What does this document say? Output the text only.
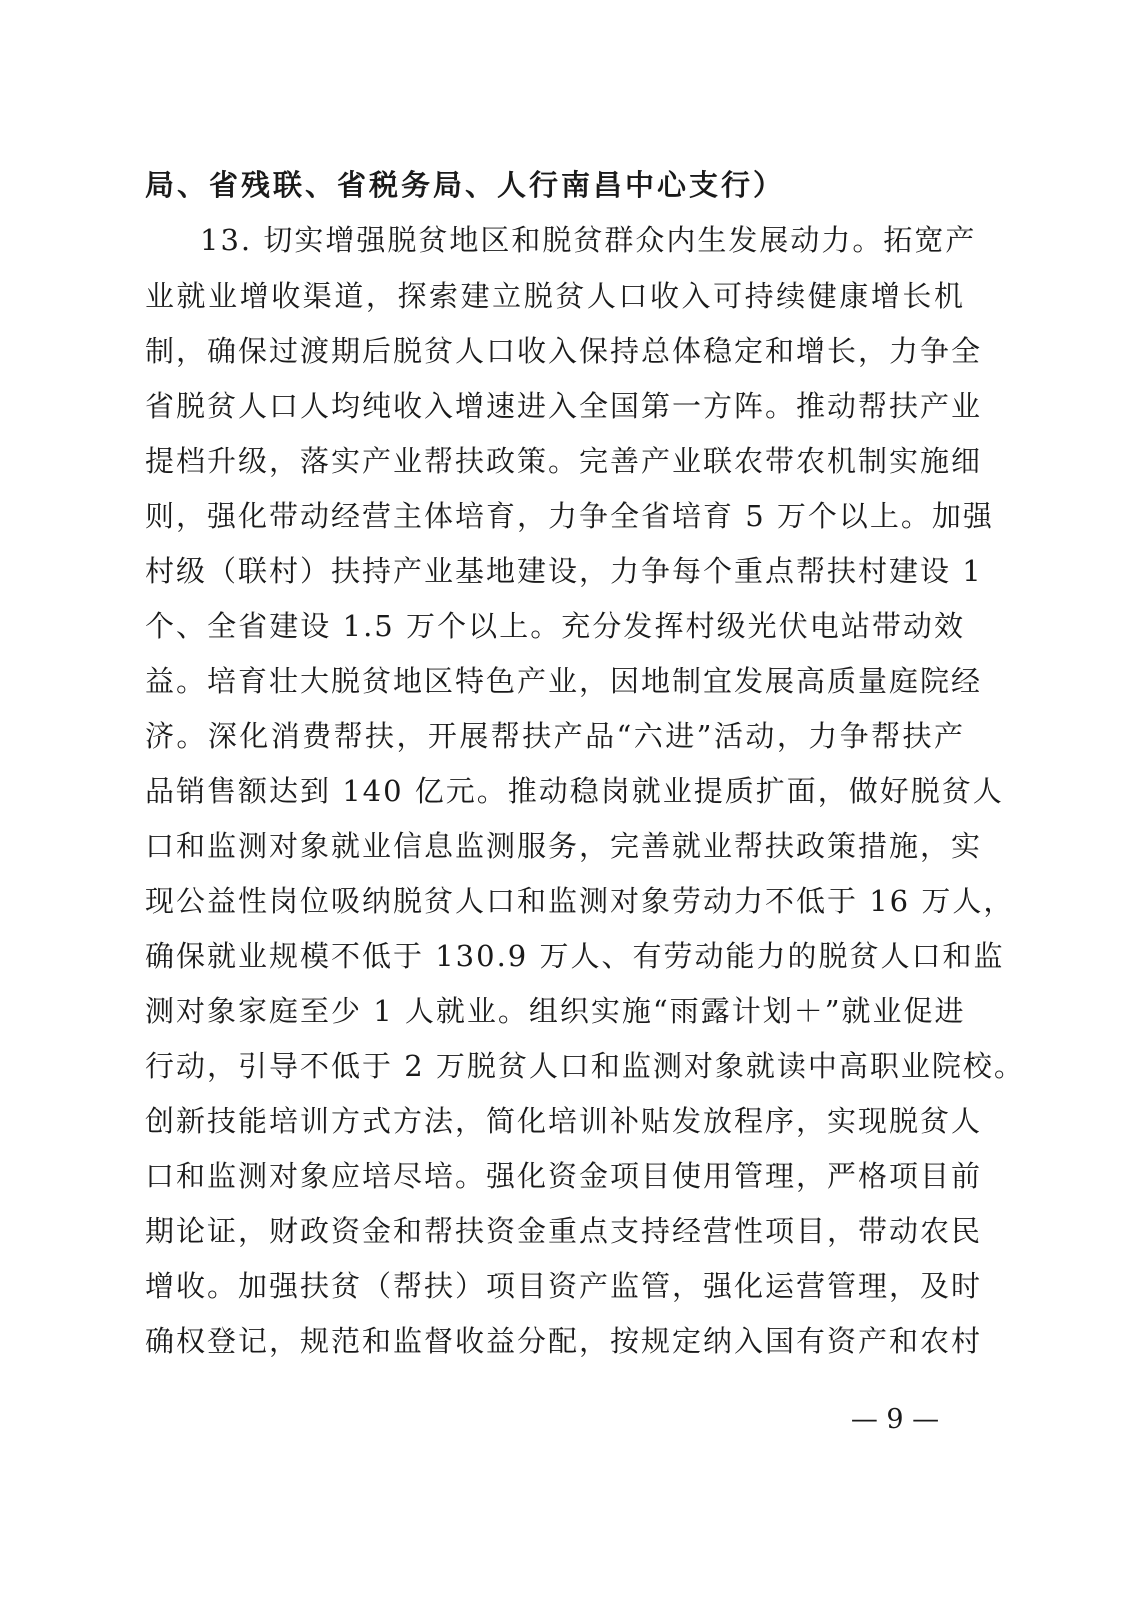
局、省残联、省税务局、人行南昌中心支行）
13. 切实增强脱贫地区和脱贫群众内生发展动力。拓宽产
业就业增收渠道，探索建立脱贫人口收入可持续健康增长机
制，确保过渡期后脱贫人口收入保持总体稳定和增长，力争全
省脱贫人口人均纯收入增速进入全国第一方阵。推动帮扶产业
提档升级，落实产业帮扶政策。完善产业联农带农机制实施细
则，强化带动经营主体培育，力争全省培育 5 万个以上。加强
村级（联村）扶持产业基地建设，力争每个重点帮扶村建设 1
个、全省建设 1.5 万个以上。充分发挥村级光伏电站带动效
益。培育壮大脱贫地区特色产业，因地制宜发展高质量庭院经
济。深化消费帮扶，开展帮扶产品“六进”活动，力争帮扶产
品销售额达到 140 亿元。推动稳岗就业提质扩面，做好脱贫人
口和监测对象就业信息监测服务，完善就业帮扶政策措施，实
现公益性岗位吸纳脱贫人口和监测对象劳动力不低于 16 万人，
确保就业规模不低于 130.9 万人、有劳动能力的脱贫人口和监
测对象家庭至少 1 人就业。组织实施“雨露计划＋”就业促进
行动，引导不低于 2 万脱贫人口和监测对象就读中高职业院校。
创新技能培训方式方法，简化培训补贴发放程序，实现脱贫人
口和监测对象应培尽培。强化资金项目使用管理，严格项目前
期论证，财政资金和帮扶资金重点支持经营性项目，带动农民
增收。加强扶贫（帮扶）项目资产监管，强化运营管理，及时
确权登记，规范和监督收益分配，按规定纳入国有资产和农村
— 9 —
